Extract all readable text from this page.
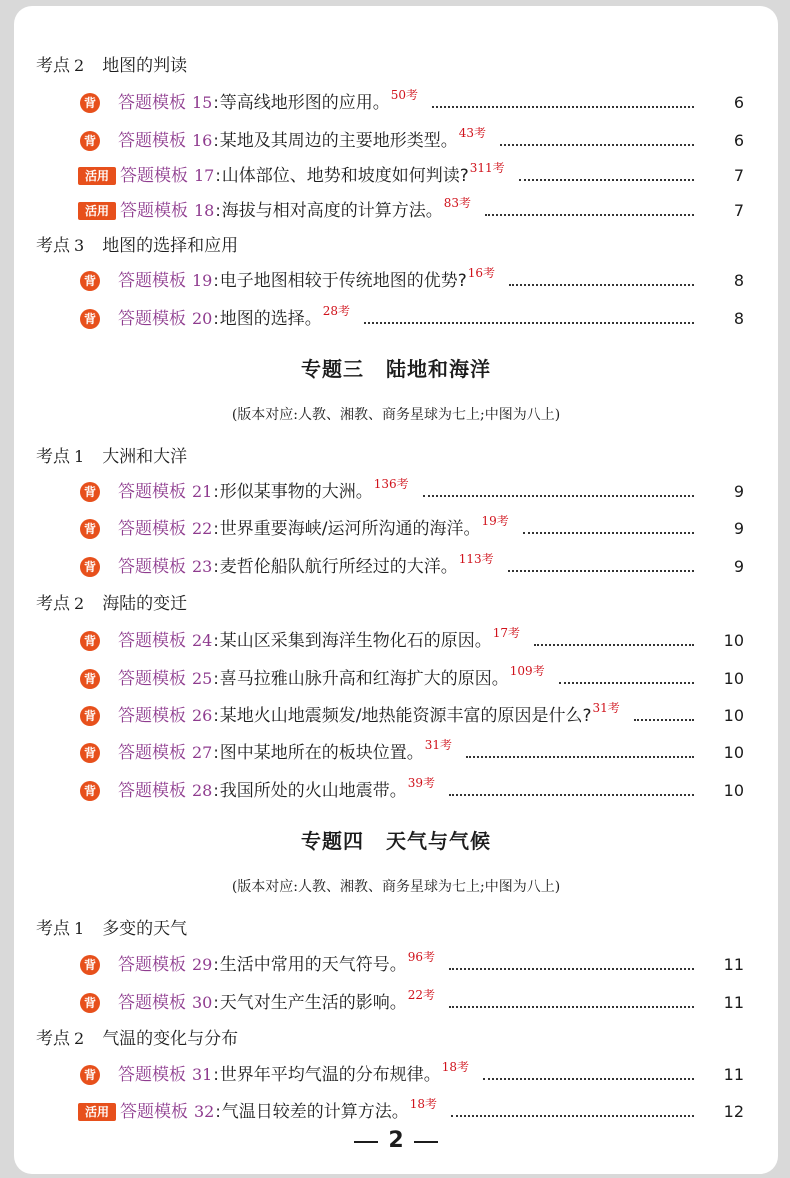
考点 2 地图的判读
背 答题模板 15 : 等高线地形图的应用。 50考	6
背 答题模板 16 : 某地及其周边的主要地形类型。 43考	6
活用 答题模板 17 : 山体部位、地势和坡度如何判读? 311考	7
活用 答题模板 18 : 海拔与相对高度的计算方法。 83考	7
考点 3 地图的选择和应用
背 答题模板 19 : 电子地图相较于传统地图的优势? 16考	8
背 答题模板 20 : 地图的选择。 28考	8
专题三 陆地和海洋
(版本对应:人教、湘教、商务星球为七上;中图为八上)
考点 1 大洲和大洋
背 答题模板 21 : 形似某事物的大洲。 136考	9
背 答题模板 22 : 世界重要海峡/运河所沟通的海洋。 19考	9
背 答题模板 23 : 麦哲伦船队航行所经过的大洋。 113考	9
考点 2 海陆的变迁
背 答题模板 24 : 某山区采集到海洋生物化石的原因。 17考	10
背 答题模板 25 : 喜马拉雅山脉升高和红海扩大的原因。 109考	10
背 答题模板 26 : 某地火山地震频发/地热能资源丰富的原因是什么? 31考	10
背 答题模板 27 : 图中某地所在的板块位置。 31考	10
背 答题模板 28 : 我国所处的火山地震带。 39考	10
专题四 天气与气候
(版本对应:人教、湘教、商务星球为七上;中图为八上)
考点 1 多变的天气
背 答题模板 29 : 生活中常用的天气符号。 96考	11
背 答题模板 30 : 天气对生产生活的影响。 22考	11
考点 2 气温的变化与分布
背 答题模板 31 : 世界年平均气温的分布规律。 18考	11
活用 答题模板 32 : 气温日较差的计算方法。 18考	12
2
